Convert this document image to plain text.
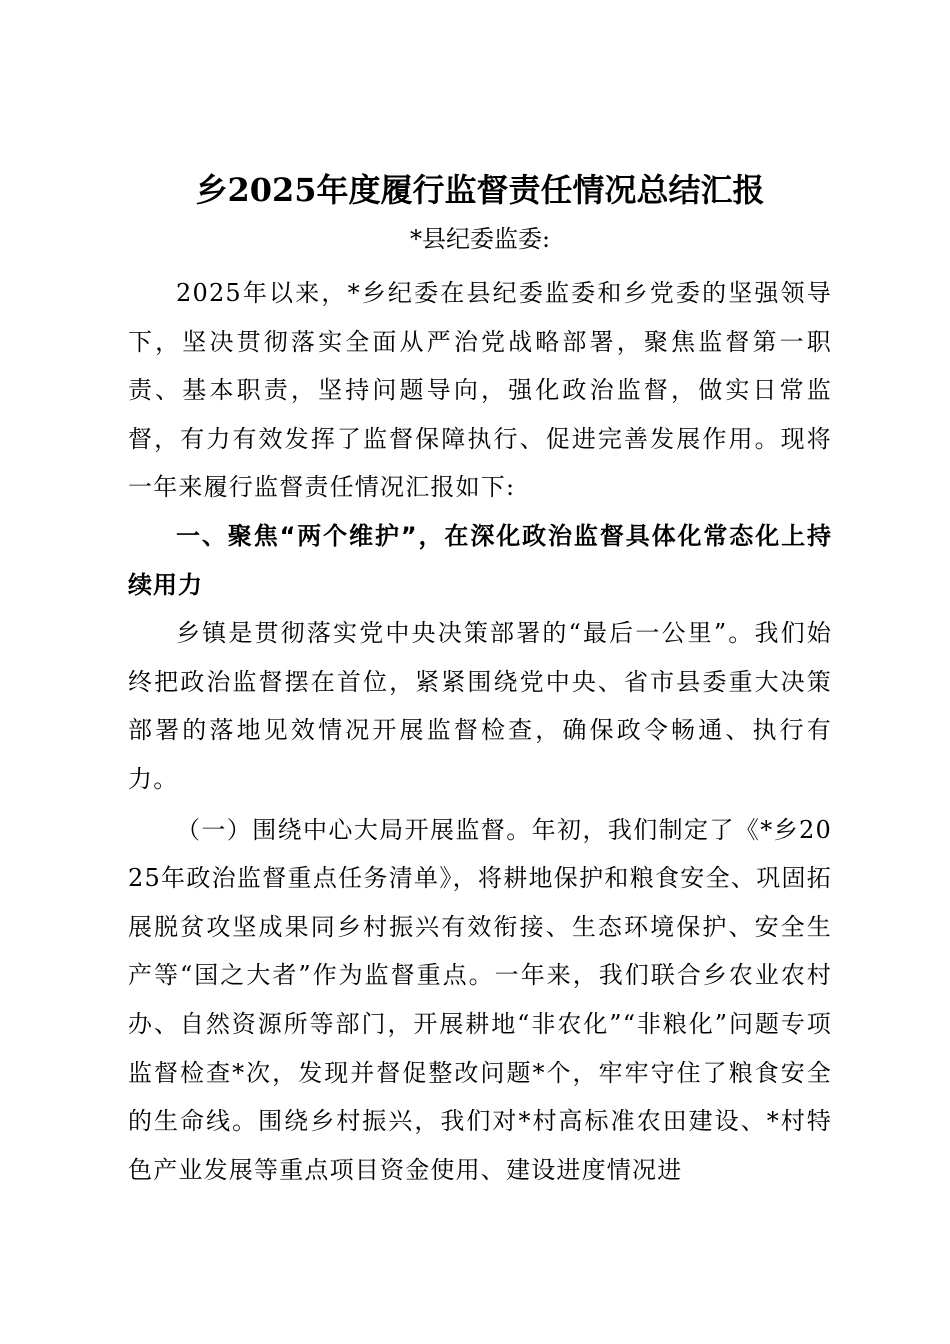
乡2025年度履行监督责任情况总结汇报

*县纪委监委:

2025年以来，*乡纪委在县纪委监委和乡党委的坚强领导下，坚决贯彻落实全面从严治党战略部署，聚焦监督第一职责、基本职责，坚持问题导向，强化政治监督，做实日常监督，有力有效发挥了监督保障执行、促进完善发展作用。现将一年来履行监督责任情况汇报如下:

一、聚焦“两个维护”，在深化政治监督具体化常态化上持续用力

乡镇是贯彻落实党中央决策部署的“最后一公里”。我们始终把政治监督摆在首位，紧紧围绕党中央、省市县委重大决策部署的落地见效情况开展监督检查，确保政令畅通、执行有力。

（一）围绕中心大局开展监督。年初，我们制定了《*乡2025年政治监督重点任务清单》，将耕地保护和粮食安全、巩固拓展脱贫攻坚成果同乡村振兴有效衔接、生态环境保护、安全生产等“国之大者”作为监督重点。一年来，我们联合乡农业农村办、自然资源所等部门，开展耕地“非农化”“非粮化”问题专项监督检查*次，发现并督促整改问题*个，牢牢守住了粮食安全的生命线。围绕乡村振兴，我们对*村高标准农田建设、*村特色产业发展等重点项目资金使用、建设进度情况进
